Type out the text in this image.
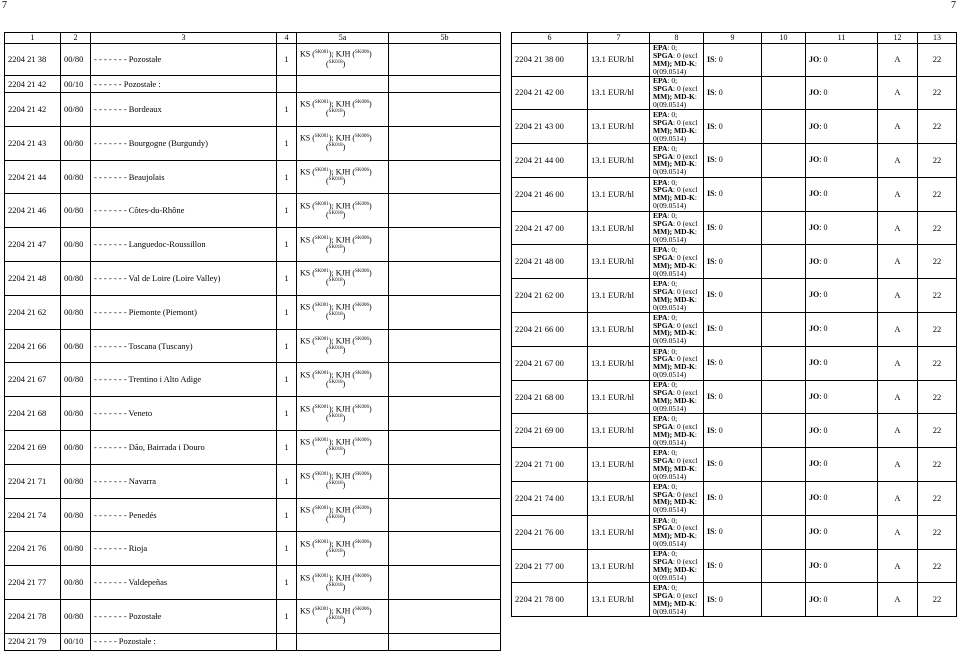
7	7
1	2	3	4	5a	5b
2204 21 38	00/80	- - - - - - - Pozostałe	1	KS ($^{SK001}$); KJH ($^{SK006}$)
($^{SK018}$)	

2204 21 42	00/10	- - - - - - Pozostałe :			
2204 21 42	00/80	- - - - - - - Bordeaux	1	KS ($^{SK001}$); KJH ($^{SK006}$)
($^{SK018}$)	

2204 21 43	00/80	- - - - - - - Bourgogne (Burgundy)	1	KS ($^{SK001}$); KJH ($^{SK006}$)
($^{SK018}$)	

2204 21 44	00/80	- - - - - - - Beaujolais	1	KS ($^{SK001}$); KJH ($^{SK006}$)
($^{SK018}$)	

2204 21 46	00/80	- - - - - - - Côtes-du-Rhône	1	KS ($^{SK001}$); KJH ($^{SK006}$)
($^{SK018}$)	

2204 21 47	00/80	- - - - - - - Languedoc-Roussillon	1	KS ($^{SK001}$); KJH ($^{SK006}$)
($^{SK018}$)	

2204 21 48	00/80	- - - - - - - Val de Loire (Loire Valley)	1	KS ($^{SK001}$); KJH ($^{SK006}$)
($^{SK018}$)	

2204 21 62	00/80	- - - - - - - Piemonte (Piemont)	1	KS ($^{SK001}$); KJH ($^{SK006}$)
($^{SK018}$)	

2204 21 66	00/80	- - - - - - - Toscana (Tuscany)	1	KS ($^{SK001}$); KJH ($^{SK006}$)
($^{SK018}$)	

2204 21 67	00/80	- - - - - - - Trentino i Alto Adige	1	KS ($^{SK001}$); KJH ($^{SK006}$)
($^{SK018}$)	

2204 21 68	00/80	- - - - - - - Veneto	1	KS ($^{SK001}$); KJH ($^{SK006}$)
($^{SK018}$)	

2204 21 69	00/80	- - - - - - - Dão, Bairrada i Douro	1	KS ($^{SK001}$); KJH ($^{SK006}$)
($^{SK018}$)	

2204 21 71	00/80	- - - - - - - Navarra	1	KS ($^{SK001}$); KJH ($^{SK006}$)
($^{SK018}$)	

2204 21 74	00/80	- - - - - - - Penedés	1	KS ($^{SK001}$); KJH ($^{SK006}$)
($^{SK018}$)	

2204 21 76	00/80	- - - - - - - Rioja	1	KS ($^{SK001}$); KJH ($^{SK006}$)
($^{SK018}$)	

2204 21 77	00/80	- - - - - - - Valdepeñas	1	KS ($^{SK001}$); KJH ($^{SK006}$)
($^{SK018}$)	

2204 21 78	00/80	- - - - - - - Pozostałe	1	KS ($^{SK001}$); KJH ($^{SK006}$)
($^{SK018}$)	

2204 21 79	00/10	- - - - - Pozostałe :			
6	7	8	9	10	11	12	13
2204 21 38 00	13.1 EUR/hl	EPA: 0;
SPGA: 0 (excl
MM); MD-K:
0(09.0514)	IS: 0		JO: 0	A	22
2204 21 42 00	13.1 EUR/hl	EPA: 0;
SPGA: 0 (excl
MM); MD-K:
0(09.0514)	IS: 0		JO: 0	A	22
2204 21 43 00	13.1 EUR/hl	EPA: 0;
SPGA: 0 (excl
MM); MD-K:
0(09.0514)	IS: 0		JO: 0	A	22
2204 21 44 00	13.1 EUR/hl	EPA: 0;
SPGA: 0 (excl
MM); MD-K:
0(09.0514)	IS: 0		JO: 0	A	22
2204 21 46 00	13.1 EUR/hl	EPA: 0;
SPGA: 0 (excl
MM); MD-K:
0(09.0514)	IS: 0		JO: 0	A	22
2204 21 47 00	13.1 EUR/hl	EPA: 0;
SPGA: 0 (excl
MM); MD-K:
0(09.0514)	IS: 0		JO: 0	A	22
2204 21 48 00	13.1 EUR/hl	EPA: 0;
SPGA: 0 (excl
MM); MD-K:
0(09.0514)	IS: 0		JO: 0	A	22
2204 21 62 00	13.1 EUR/hl	EPA: 0;
SPGA: 0 (excl
MM); MD-K:
0(09.0514)	IS: 0		JO: 0	A	22
2204 21 66 00	13.1 EUR/hl	EPA: 0;
SPGA: 0 (excl
MM); MD-K:
0(09.0514)	IS: 0		JO: 0	A	22
2204 21 67 00	13.1 EUR/hl	EPA: 0;
SPGA: 0 (excl
MM); MD-K:
0(09.0514)	IS: 0		JO: 0	A	22
2204 21 68 00	13.1 EUR/hl	EPA: 0;
SPGA: 0 (excl
MM); MD-K:
0(09.0514)	IS: 0		JO: 0	A	22
2204 21 69 00	13.1 EUR/hl	EPA: 0;
SPGA: 0 (excl
MM); MD-K:
0(09.0514)	IS: 0		JO: 0	A	22
2204 21 71 00	13.1 EUR/hl	EPA: 0;
SPGA: 0 (excl
MM); MD-K:
0(09.0514)	IS: 0		JO: 0	A	22
2204 21 74 00	13.1 EUR/hl	EPA: 0;
SPGA: 0 (excl
MM); MD-K:
0(09.0514)	IS: 0		JO: 0	A	22
2204 21 76 00	13.1 EUR/hl	EPA: 0;
SPGA: 0 (excl
MM); MD-K:
0(09.0514)	IS: 0		JO: 0	A	22
2204 21 77 00	13.1 EUR/hl	EPA: 0;
SPGA: 0 (excl
MM); MD-K:
0(09.0514)	IS: 0		JO: 0	A	22
2204 21 78 00	13.1 EUR/hl	EPA: 0;
SPGA: 0 (excl
MM); MD-K:
0(09.0514)	IS: 0		JO: 0	A	22
